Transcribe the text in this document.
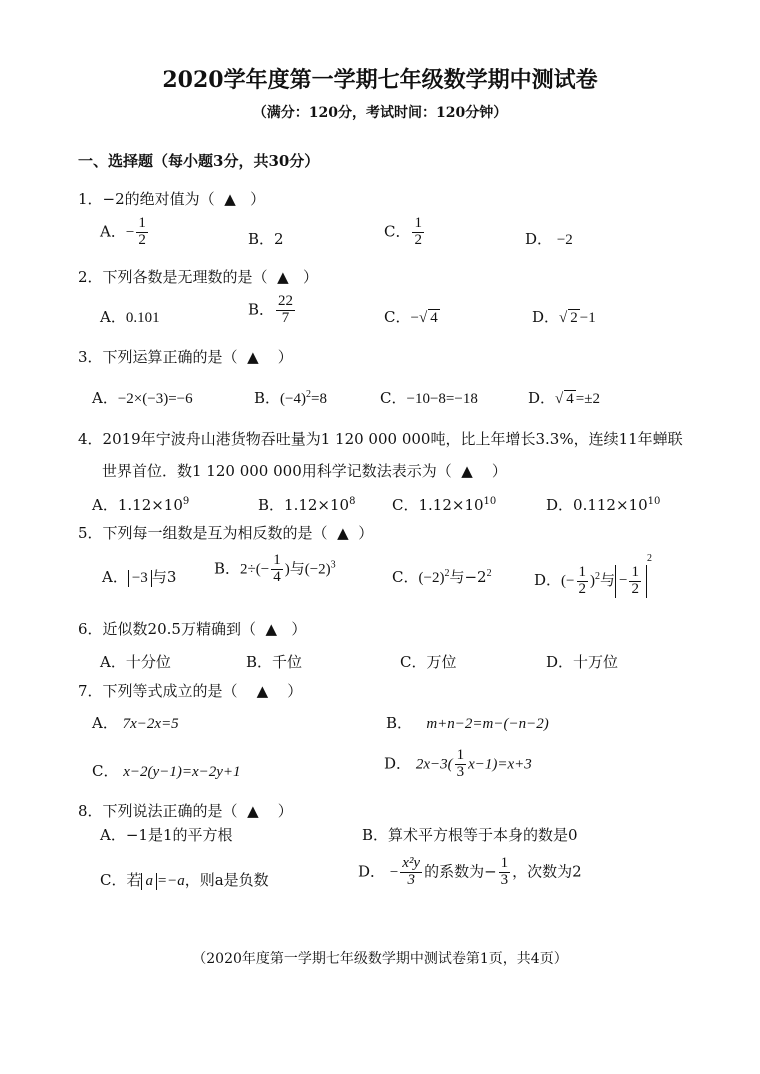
2020学年度第一学期七年级数学期中测试卷
（满分：120分，考试时间：120分钟）
一、选择题（每小题3分，共30分）
1．−2的绝对值为（ ▲ ）
A．− $\frac{1}{2}$	B．2	C． $\frac{1}{2}$	D． −2
2．下列各数是无理数的是（ ▲ ）
A．0.101	B． $\frac{22}{7}$	C．−√ 4	D．√ 2 −1
3．下列运算正确的是（ ▲ ）
A．−2×(−3)=−6	B．$(-4)^2=8$	C．−10−8=−18	D．√ 4 =±2
4．2019年宁波舟山港货物吞吐量为1 120 000 000吨，比上年增长3.3%，连续11年蝉联
世界首位．数1 120 000 000用科学记数法表示为（ ▲ ）
A．$1.12\times 10^9$	B．$1.12\times 10^8$ C．$1.12\times 10^{10}$	D．$0.112\times 10^{10}$
5．下列每一组数是互为相反数的是（ ▲ ）
A． −3 与3	B．$2\div(- \frac{1}{4}$ )与$(-2)^3$
C．$(-2)^2$与$-2^2$	D．(− $\frac{1}{2} )^2$与 − $\frac{1}{2}$
$^2$
6．近似数20.5万精确到（ ▲ ）
A．十分位	B．千位	C．万位	D．十万位
7．下列等式成立的是（ ▲ ）
A． 7x−2x=5	B． m+n−2=m−(−n−2)
C． x−2(y−1)=x−2y+1	D． $2x-3( \frac{1}{3} x-1)=x+3$
8．下列说法正确的是（ ▲ ）
A．−1是1的平方根	B．算术平方根等于本身的数是0
C．若 a =−a，则a是负数	D． − $\frac{\text{x²y}}{3}$ 的系数为− $\frac{1}{3}$ ，次数为2
（2020年度第一学期七年级数学期中测试卷第1页，共4页）
